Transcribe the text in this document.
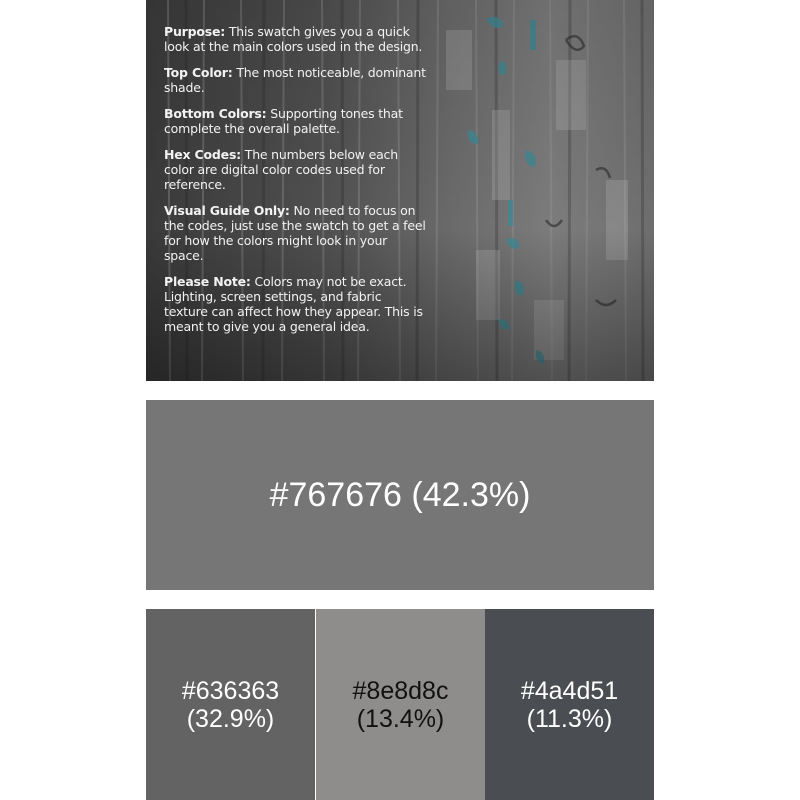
Purpose: This swatch gives you a quick look at the main colors used in the design.

Top Color: The most noticeable, dominant shade.

Bottom Colors: Supporting tones that complete the overall palette.

Hex Codes: The numbers below each color are digital color codes used for reference.

Visual Guide Only: No need to focus on the codes, just use the swatch to get a feel for how the colors might look in your space.

Please Note: Colors may not be exact. Lighting, screen settings, and fabric texture can affect how they appear. This is meant to give you a general idea.

#767676 (42.3%)
#636363
(32.9%)
#8e8d8c
(13.4%)
#4a4d51
(11.3%)
